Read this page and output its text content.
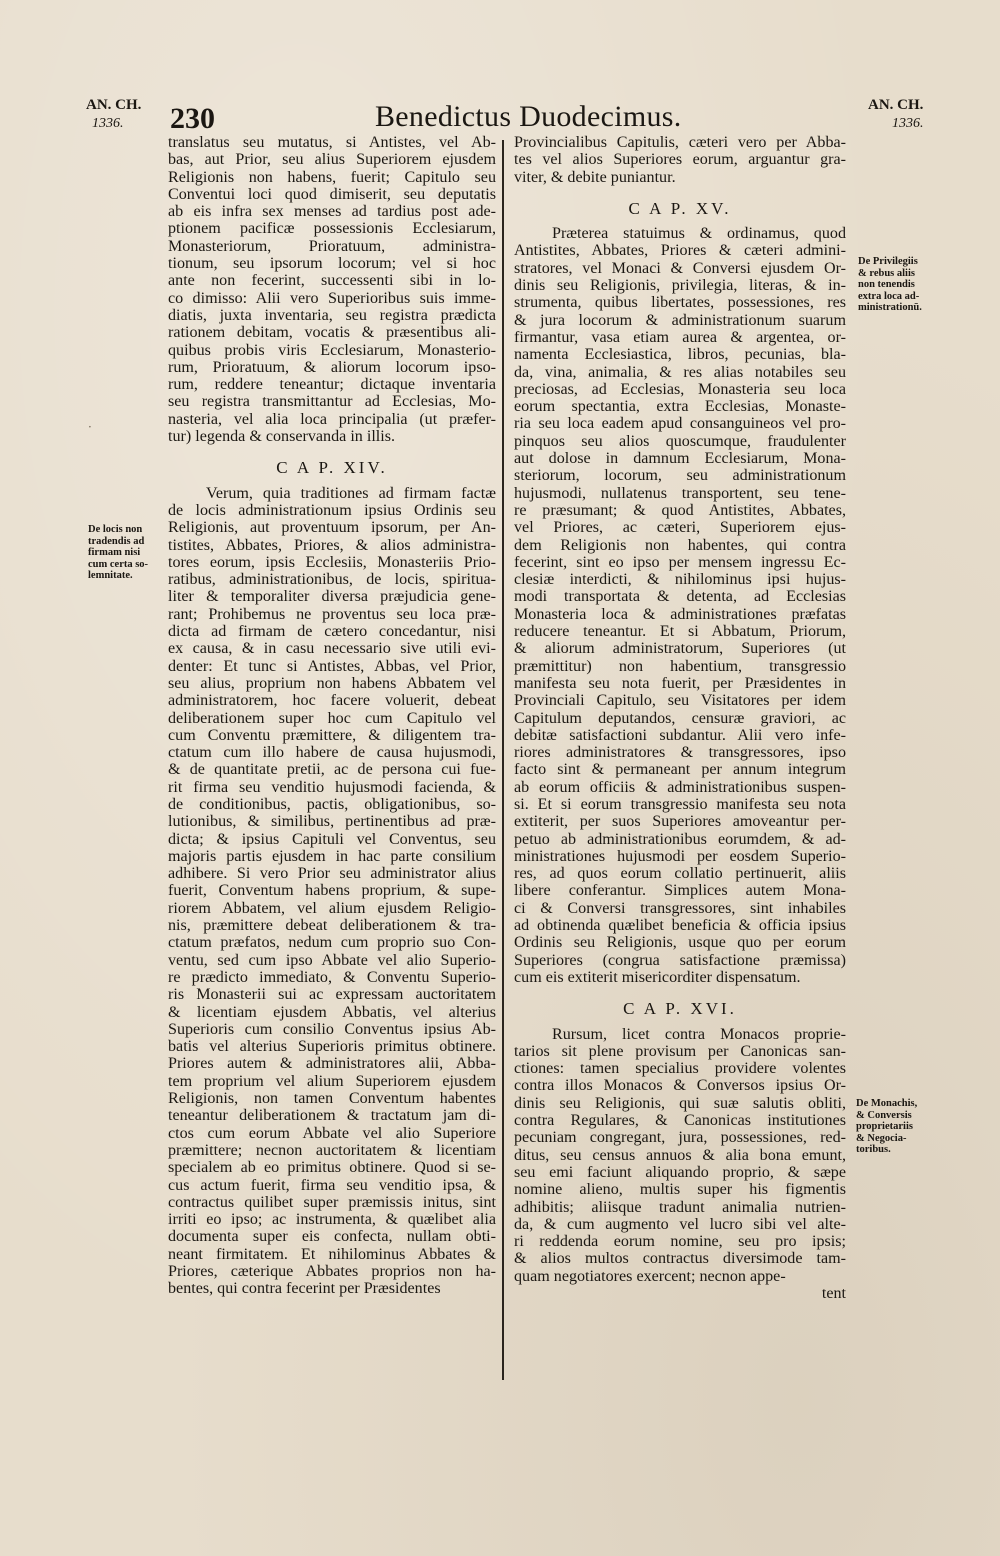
AN. CH.
1336.	230	Benedictus Duodecimus.	AN. CH.
1336.
translatus seu mutatus, si Antistes, vel Ab-
bas, aut Prior, seu alius Superiorem ejusdem
Religionis non habens, fuerit; Capitulo seu
Conventui loci quod dimiserit, seu deputatis
ab eis infra sex menses ad tardius post ade-
ptionem pacificæ possessionis Ecclesiarum,
Monasteriorum, Prioratuum, administra-
tionum, seu ipsorum locorum; vel si hoc
ante non fecerint, successenti sibi in lo-
co dimisso: Alii vero Superioribus suis imme-
diatis, juxta inventaria, seu registra prædicta
rationem debitam, vocatis & præsentibus ali-
quibus probis viris Ecclesiarum, Monasterio-
rum, Prioratuum, & aliorum locorum ipso-
rum, reddere teneantur; dictaque inventaria
seu registra transmittantur ad Ecclesias, Mo-
nasteria, vel alia loca principalia (ut præfer-
tur) legenda & conservanda in illis.
C A P. XIV.
Verum, quia traditiones ad firmam factæ
de locis administrationum ipsius Ordinis seu
Religionis, aut proventuum ipsorum, per An-
tistites, Abbates, Priores, & alios administra-
tores eorum, ipsis Ecclesiis, Monasteriis Prio-
ratibus, administrationibus, de locis, spiritua-
liter & temporaliter diversa præjudicia gene-
rant; Prohibemus ne proventus seu loca præ-
dicta ad firmam de cætero concedantur, nisi
ex causa, & in casu necessario sive utili evi-
denter: Et tunc si Antistes, Abbas, vel Prior,
seu alius, proprium non habens Abbatem vel
administratorem, hoc facere voluerit, debeat
deliberationem super hoc cum Capitulo vel
cum Conventu præmittere, & diligentem tra-
ctatum cum illo habere de causa hujusmodi,
& de quantitate pretii, ac de persona cui fue-
rit firma seu venditio hujusmodi facienda, &
de conditionibus, pactis, obligationibus, so-
lutionibus, & similibus, pertinentibus ad præ-
dicta; & ipsius Capituli vel Conventus, seu
majoris partis ejusdem in hac parte consilium
adhibere. Si vero Prior seu administrator alius
fuerit, Conventum habens proprium, & supe-
riorem Abbatem, vel alium ejusdem Religio-
nis, præmittere debeat deliberationem & tra-
ctatum præfatos, nedum cum proprio suo Con-
ventu, sed cum ipso Abbate vel alio Superio-
re prædicto immediato, & Conventu Superio-
ris Monasterii sui ac expressam auctoritatem
& licentiam ejusdem Abbatis, vel alterius
Superioris cum consilio Conventus ipsius Ab-
batis vel alterius Superioris primitus obtinere.
Priores autem & administratores alii, Abba-
tem proprium vel alium Superiorem ejusdem
Religionis, non tamen Conventum habentes
teneantur deliberationem & tractatum jam di-
ctos cum eorum Abbate vel alio Superiore
præmittere; necnon auctoritatem & licentiam
specialem ab eo primitus obtinere. Quod si se-
cus actum fuerit, firma seu venditio ipsa, &
contractus quilibet super præmissis initus, sint
irriti eo ipso; ac instrumenta, & quælibet alia
documenta super eis confecta, nullam obti-
neant firmitatem. Et nihilominus Abbates &
Priores, cæterique Abbates proprios non ha-
bentes, qui contra fecerint per Præsidentes
Provincialibus Capitulis, cæteri vero per Abba-
tes vel alios Superiores eorum, arguantur gra-
viter, & debite puniantur.
C A P. XV.
Præterea statuimus & ordinamus, quod
Antistites, Abbates, Priores & cæteri admini-
stratores, vel Monaci & Conversi ejusdem Or-
dinis seu Religionis, privilegia, literas, & in-
strumenta, quibus libertates, possessiones, res
& jura locorum & administrationum suarum
firmantur, vasa etiam aurea & argentea, or-
namenta Ecclesiastica, libros, pecunias, bla-
da, vina, animalia, & res alias notabiles seu
preciosas, ad Ecclesias, Monasteria seu loca
eorum spectantia, extra Ecclesias, Monaste-
ria seu loca eadem apud consanguineos vel pro-
pinquos seu alios quoscumque, fraudulenter
aut dolose in damnum Ecclesiarum, Mona-
steriorum, locorum, seu administrationum
hujusmodi, nullatenus transportent, seu tene-
re præsumant; & quod Antistites, Abbates,
vel Priores, ac cæteri, Superiorem ejus-
dem Religionis non habentes, qui contra
fecerint, sint eo ipso per mensem ingressu Ec-
clesiæ interdicti, & nihilominus ipsi hujus-
modi transportata & detenta, ad Ecclesias
Monasteria loca & administrationes præfatas
reducere teneantur. Et si Abbatum, Priorum,
& aliorum administratorum, Superiores (ut
præmittitur) non habentium, transgressio
manifesta seu nota fuerit, per Præsidentes in
Provinciali Capitulo, seu Visitatores per idem
Capitulum deputandos, censuræ graviori, ac
debitæ satisfactioni subdantur. Alii vero infe-
riores administratores & transgressores, ipso
facto sint & permaneant per annum integrum
ab eorum officiis & administrationibus suspen-
si. Et si eorum transgressio manifesta seu nota
extiterit, per suos Superiores amoveantur per-
petuo ab administrationibus eorumdem, & ad-
ministrationes hujusmodi per eosdem Superio-
res, ad quos eorum collatio pertinuerit, aliis
libere conferantur. Simplices autem Mona-
ci & Conversi transgressores, sint inhabiles
ad obtinenda quælibet beneficia & officia ipsius
Ordinis seu Religionis, usque quo per eorum
Superiores (congrua satisfactione præmissa)
cum eis extiterit misericorditer dispensatum.
C A P. XVI.
Rursum, licet contra Monacos proprie-
tarios sit plene provisum per Canonicas san-
ctiones: tamen specialius providere volentes
contra illos Monacos & Conversos ipsius Or-
dinis seu Religionis, qui suæ salutis obliti,
contra Regulares, & Canonicas institutiones
pecuniam congregant, jura, possessiones, red-
ditus, seu census annuos & alia bona emunt,
seu emi faciunt aliquando proprio, & sæpe
nomine alieno, multis super his figmentis
adhibitis; aliisque tradunt animalia nutrien-
da, & cum augmento vel lucro sibi vel alte-
ri reddenda eorum nomine, seu pro ipsis;
& alios multos contractus diversimode tam-
quam negotiatores exercent; necnon appe-
tent
De locis non
tradendis ad
firmam nisi
cum certa so-
lemnitate.
De Privilegiis
& rebus aliis
non tenendis
extra loca ad-
ministrationū.
De Monachis,
& Conversis
proprietariis
& Negocia-
toribus.
·
